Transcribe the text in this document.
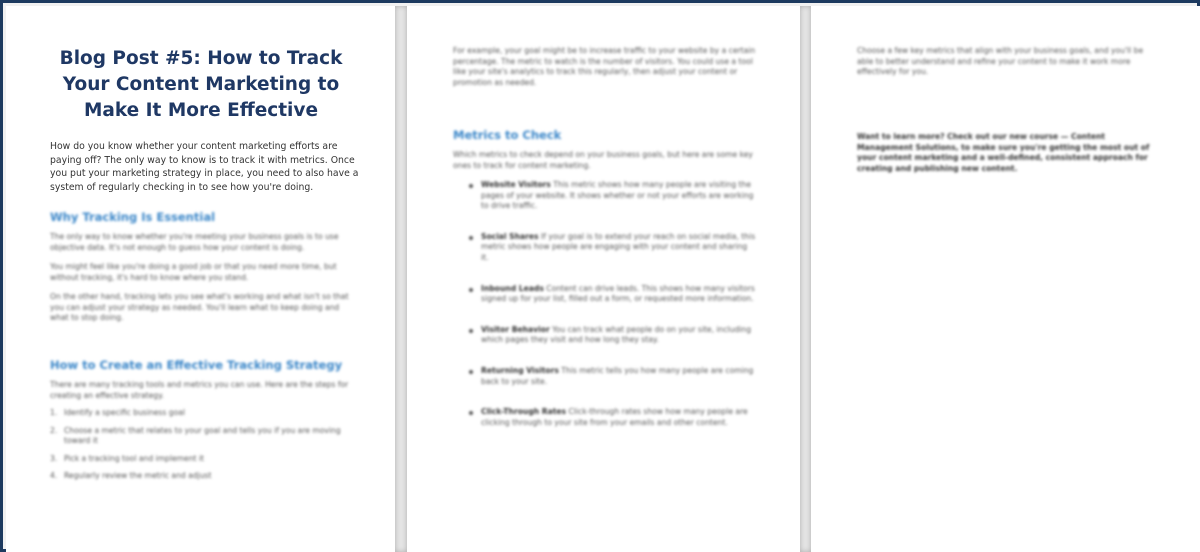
Blog Post #5: How to Track Your Content Marketing to Make It More Effective
How do you know whether your content marketing efforts are paying off? The only way to know is to track it with metrics. Once you put your marketing strategy in place, you need to also have a system of regularly checking in to see how you're doing.
Why Tracking Is Essential
The only way to know whether you're meeting your business goals is to use objective data. It's not enough to guess how your content is doing.
You might feel like you're doing a good job or that you need more time, but without tracking, it's hard to know where you stand.
On the other hand, tracking lets you see what's working and what isn't so that you can adjust your strategy as needed. You'll learn what to keep doing and what to stop doing.
How to Create an Effective Tracking Strategy
There are many tracking tools and metrics you can use. Here are the steps for creating an effective strategy.
1. Identify a specific business goal
2. Choose a metric that relates to your goal and tells you if you are moving toward it
3. Pick a tracking tool and implement it
4. Regularly review the metric and adjust
For example, your goal might be to increase traffic to your website by a certain percentage. The metric to watch is the number of visitors. You could use a tool like your site's analytics to track this regularly, then adjust your content or promotion as needed.
Metrics to Check
Which metrics to check depend on your business goals, but here are some key ones to track for content marketing.
Website Visitors This metric shows how many people are visiting the pages of your website. It shows whether or not your efforts are working to drive traffic.
Social Shares If your goal is to extend your reach on social media, this metric shows how people are engaging with your content and sharing it.
Inbound Leads Content can drive leads. This shows how many visitors signed up for your list, filled out a form, or requested more information.
Visitor Behavior You can track what people do on your site, including which pages they visit and how long they stay.
Returning Visitors This metric tells you how many people are coming back to your site.
Click-Through Rates Click-through rates show how many people are clicking through to your site from your emails and other content.
Choose a few key metrics that align with your business goals, and you'll be able to better understand and refine your content to make it work more effectively for you.
Want to learn more? Check out our new course — Content Management Solutions, to make sure you're getting the most out of your content marketing and a well-defined, consistent approach for creating and publishing new content.
